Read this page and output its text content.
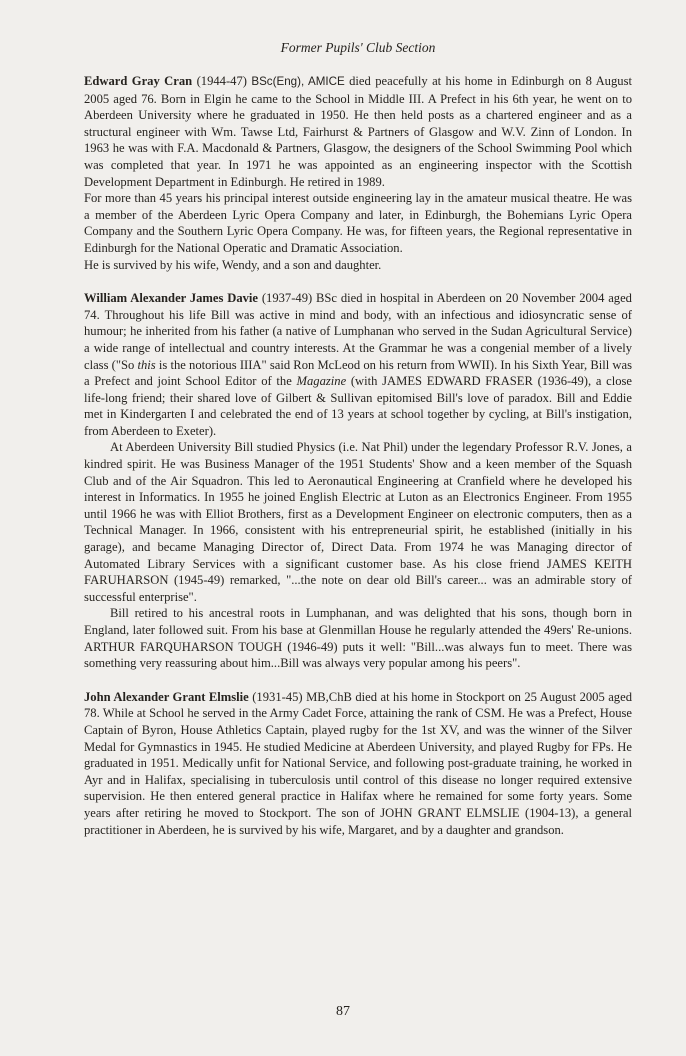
Former Pupils' Club Section

Edward Gray Cran (1944-47) BSc(Eng), AMICE died peacefully at his home in Edinburgh on 8 August 2005 aged 76. Born in Elgin he came to the School in Middle III. A Prefect in his 6th year, he went on to Aberdeen University where he graduated in 1950. He then held posts as a chartered engineer and as a structural engineer with Wm. Tawse Ltd, Fairhurst & Partners of Glasgow and W.V. Zinn of London. In 1963 he was with F.A. Macdonald & Partners, Glasgow, the designers of the School Swimming Pool which was completed that year. In 1971 he was appointed as an engineering inspector with the Scottish Development Department in Edinburgh. He retired in 1989.

For more than 45 years his principal interest outside engineering lay in the amateur musical theatre. He was a member of the Aberdeen Lyric Opera Company and later, in Edinburgh, the Bohemians Lyric Opera Company and the Southern Lyric Opera Company. He was, for fifteen years, the Regional representative in Edinburgh for the National Operatic and Dramatic Association.

He is survived by his wife, Wendy, and a son and daughter.

William Alexander James Davie (1937-49) BSc died in hospital in Aberdeen on 20 November 2004 aged 74. Throughout his life Bill was active in mind and body, with an infectious and idiosyncratic sense of humour; he inherited from his father (a native of Lumphanan who served in the Sudan Agricultural Service) a wide range of intellectual and country interests. At the Grammar he was a congenial member of a lively class ("So this is the notorious IIIA" said Ron McLeod on his return from WWII). In his Sixth Year, Bill was a Prefect and joint School Editor of the Magazine (with JAMES EDWARD FRASER (1936-49), a close life-long friend; their shared love of Gilbert & Sullivan epitomised Bill's love of paradox. Bill and Eddie met in Kindergarten I and celebrated the end of 13 years at school together by cycling, at Bill's instigation, from Aberdeen to Exeter).

At Aberdeen University Bill studied Physics (i.e. Nat Phil) under the legendary Professor R.V. Jones, a kindred spirit. He was Business Manager of the 1951 Students' Show and a keen member of the Squash Club and of the Air Squadron. This led to Aeronautical Engineering at Cranfield where he developed his interest in Informatics. In 1955 he joined English Electric at Luton as an Electronics Engineer. From 1955 until 1966 he was with Elliot Brothers, first as a Development Engineer on electronic computers, then as a Technical Manager. In 1966, consistent with his entrepreneurial spirit, he established (initially in his garage), and became Managing Director of, Direct Data. From 1974 he was Managing director of Automated Library Services with a significant customer base. As his close friend JAMES KEITH FARUHARSON (1945-49) remarked, "...the note on dear old Bill's career... was an admirable story of successful enterprise".

Bill retired to his ancestral roots in Lumphanan, and was delighted that his sons, though born in England, later followed suit. From his base at Glenmillan House he regularly attended the 49ers' Re-unions. ARTHUR FARQUHARSON TOUGH (1946-49) puts it well: "Bill...was always fun to meet. There was something very reassuring about him...Bill was always very popular among his peers".

John Alexander Grant Elmslie (1931-45) MB,ChB died at his home in Stockport on 25 August 2005 aged 78. While at School he served in the Army Cadet Force, attaining the rank of CSM. He was a Prefect, House Captain of Byron, House Athletics Captain, played rugby for the 1st XV, and was the winner of the Silver Medal for Gymnastics in 1945. He studied Medicine at Aberdeen University, and played Rugby for FPs. He graduated in 1951. Medically unfit for National Service, and following post-graduate training, he worked in Ayr and in Halifax, specialising in tuberculosis until control of this disease no longer required extensive supervision. He then entered general practice in Halifax where he remained for some forty years. Some years after retiring he moved to Stockport. The son of JOHN GRANT ELMSLIE (1904-13), a general practitioner in Aberdeen, he is survived by his wife, Margaret, and by a daughter and grandson.

87
